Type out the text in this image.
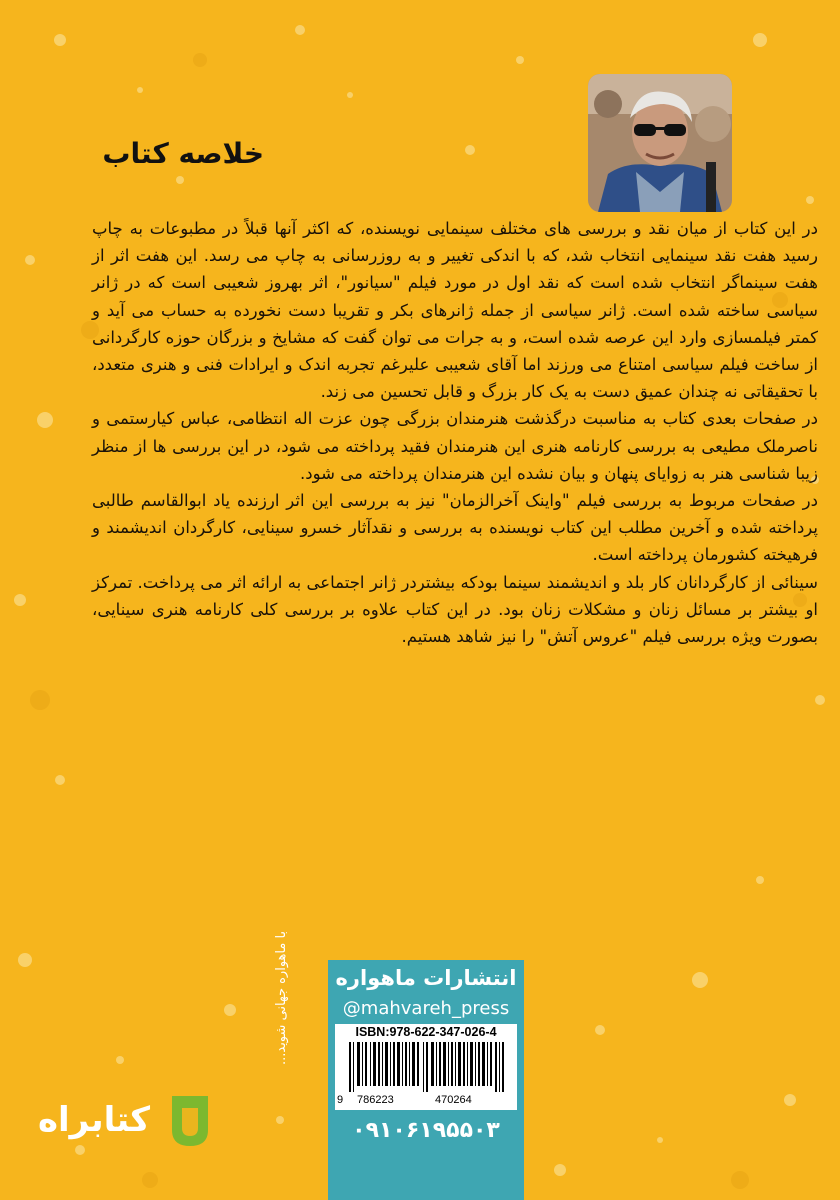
خلاصه کتاب

در این کتاب از میان نقد و بررسی های مختلف سینمایی نویسنده، که اکثر آنها قبلاً در مطبوعات به چاپ رسید هفت نقد سینمایی انتخاب شد، که با اندکی تغییر و به روزرسانی به چاپ می رسد. این هفت اثر از هفت سینماگر انتخاب شده است که نقد اول در مورد فیلم "سیانور"، اثر بهروز شعیبی است که در ژانر سیاسی ساخته شده است. ژانر سیاسی از جمله ژانرهای بکر و تقریبا دست نخورده به حساب می آید و کمتر فیلمسازی وارد این عرصه شده است، و به جرات می توان گفت که مشایخ و بزرگان حوزه کارگردانی از ساخت فیلم سیاسی امتناع می ورزند اما آقای شعیبی علیرغم تجربه اندک و ایرادات فنی و هنری متعدد، با تحقیقاتی نه چندان عمیق دست به یک کار بزرگ و قابل تحسین می زند.

در صفحات بعدی کتاب به مناسبت درگذشت هنرمندان بزرگی چون عزت اله انتظامی، عباس کیارستمی و ناصرملک مطیعی به بررسی کارنامه هنری این هنرمندان فقید پرداخته می شود، در این بررسی ها از منظر زیبا شناسی هنر به زوایای پنهان و بیان نشده این هنرمندان پرداخته می شود.

در صفحات مربوط به بررسی فیلم "واینک آخرالزمان" نیز به بررسی این اثر ارزنده یاد ابوالقاسم طالبی پرداخته شده و آخرین مطلب این کتاب نویسنده به بررسی و نقدآثار خسرو سینایی، کارگردان اندیشمند و فرهیخته کشورمان پرداخته است.

سینائی از کارگردانان کار بلد و اندیشمند سینما بودکه بیشتردر ژانر اجتماعی به ارائه اثر می پرداخت. تمرکز او بیشتر بر مسائل زنان و مشکلات زنان بود. در این کتاب علاوه بر بررسی کلی کارنامه هنری سینایی، بصورت ویژه بررسی فیلم "عروس آتش" را نیز شاهد هستیم.

با ماهواره جهانی شوید...	انتشارات ماهواره
@mahvareh_press
ISBN:978-622-347-026-4
9 786223	470264
۰۹۱۰۶۱۹۵۵۰۳
کتابراه
